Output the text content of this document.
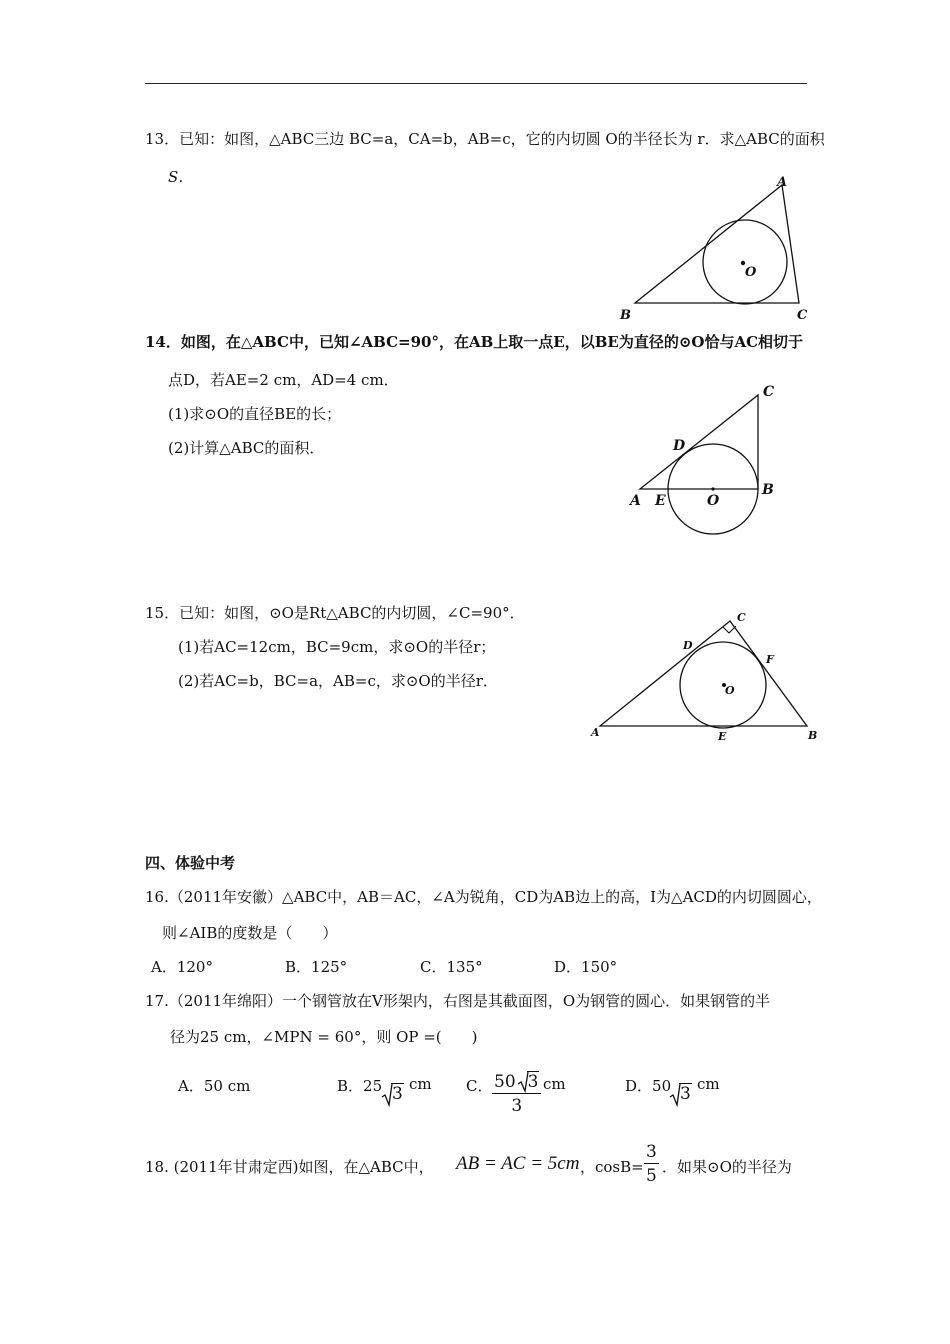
13．已知：如图，△ABC三边 BC=a，CA=b，AB=c，它的内切圆 O的半径长为 r．求△ABC的面积
S．
B
A
C
O
14．如图，在△ABC中，已知∠ABC=90°，在AB上取一点E，以BE为直径的⊙O恰与AC相切于
点D，若AE=2 cm，AD=4 cm．
(1)求⊙O的直径BE的长；
(2)计算△ABC的面积．
C
D
A E	O
B
15．已知：如图，⊙O是Rt△ABC的内切圆，∠C=90°．
(1)若AC=12cm，BC=9cm，求⊙O的半径r；
(2)若AC=b，BC=a，AB=c，求⊙O的半径r．
C
D
F
O
A	E	B
四、体验中考
16.（2011年安徽）△ABC中，AB＝AC，∠A为锐角，CD为AB边上的高，I为△ACD的内切圆圆心，
则∠AIB的度数是（　　）
A．120°	B．125°	C．135°	D．150°
17.（2011年绵阳）一个钢管放在V形架内，右图是其截面图，O为钢管的圆心．如果钢管的半
径为25 cm，∠MPN = 60°，则 OP =(　　)
A．50 cm	B．25 3 cm C． $\frac{50 3}{3}$ cm	D．50 3 cm
18. (2011年甘肃定西)如图，在△ABC中， AB = AC = 5cm ，$\cos B= \frac{3}{5}$ ．如果⊙O的半径为
